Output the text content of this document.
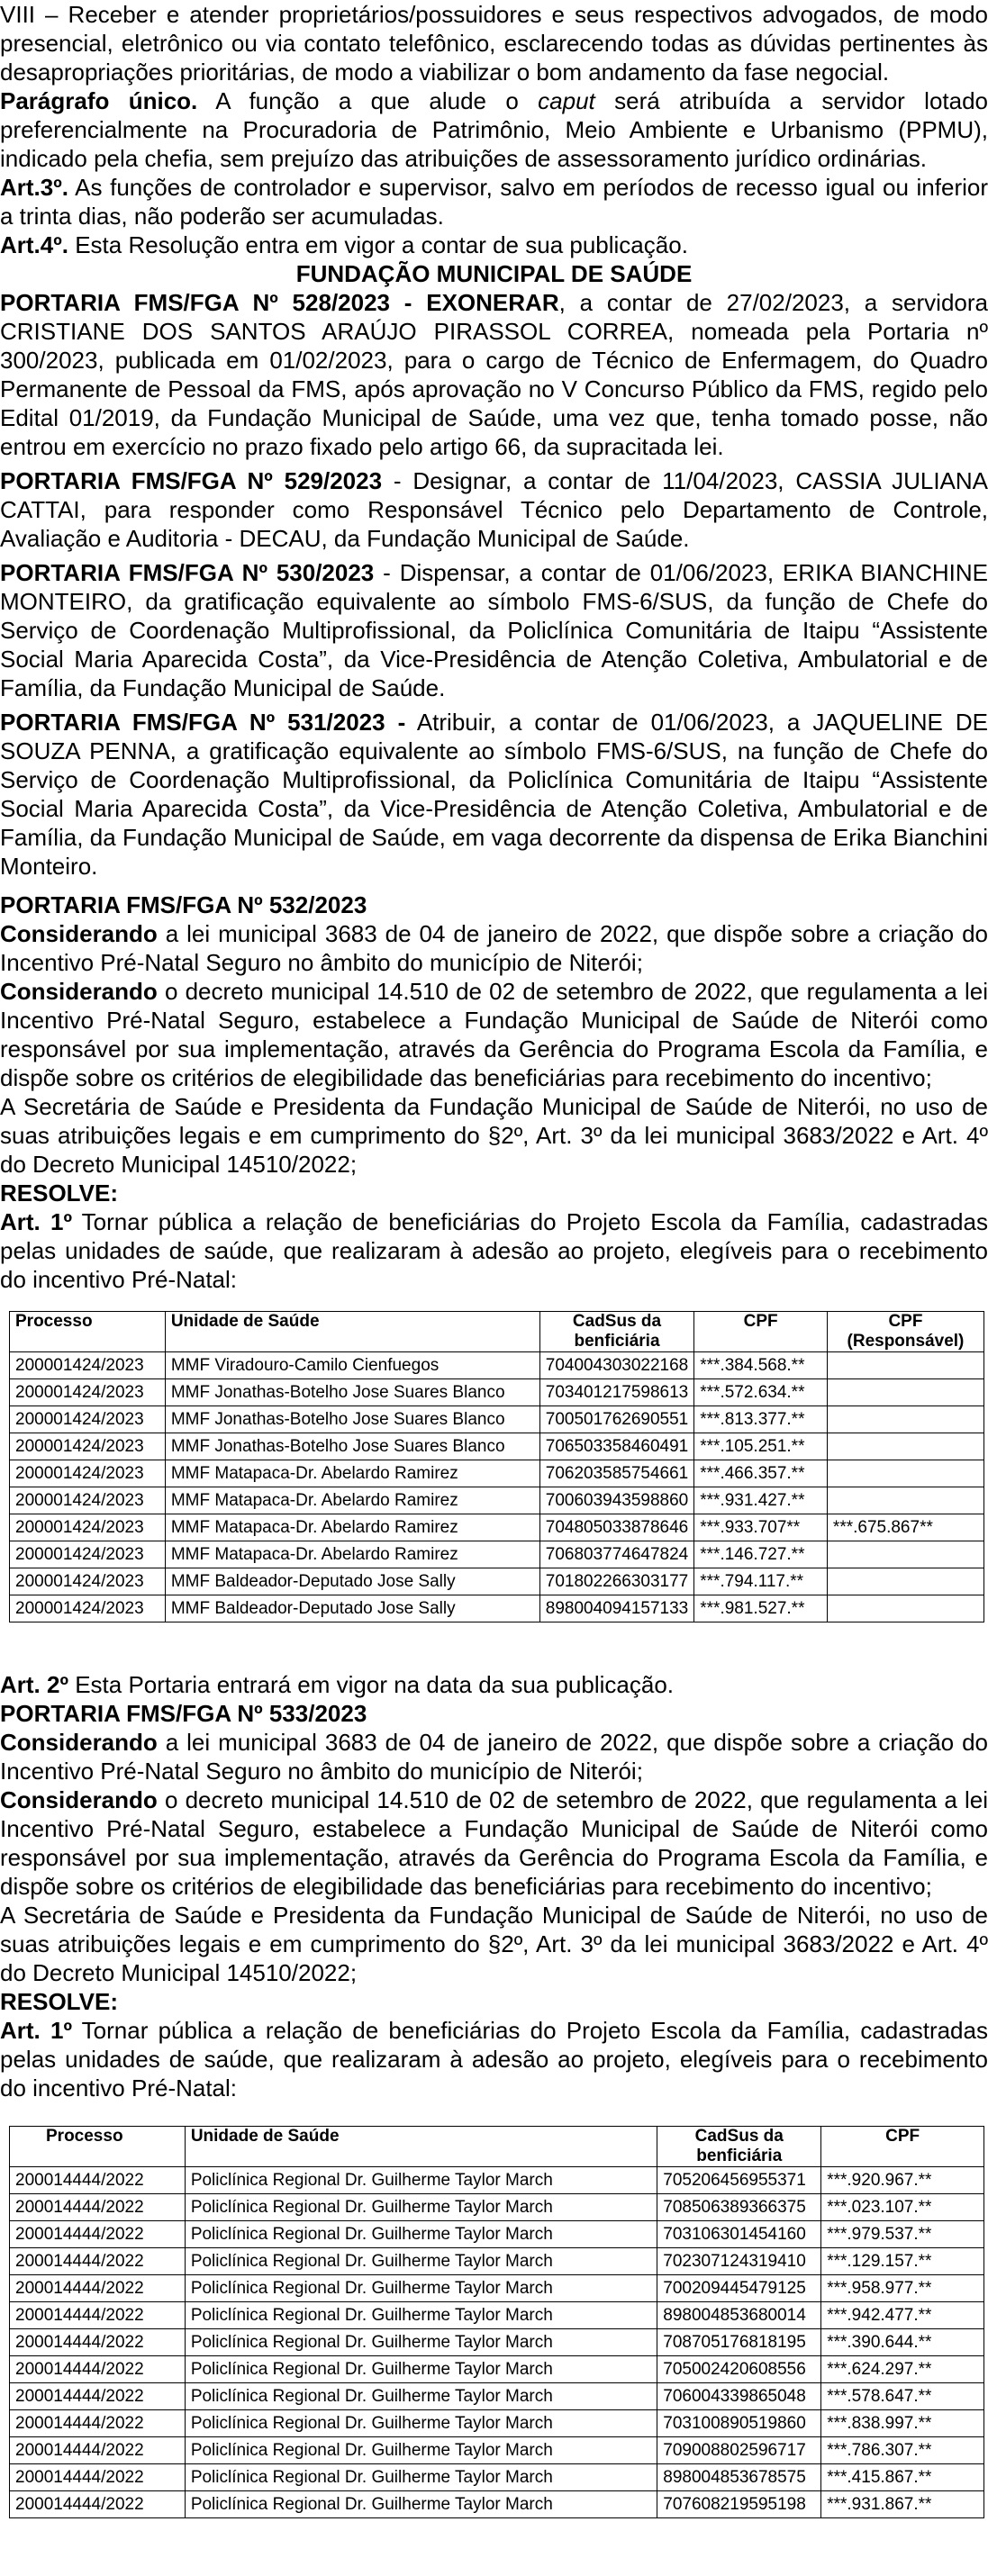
VIII – Receber e atender proprietários/possuidores e seus respectivos advogados, de modo presencial, eletrônico ou via contato telefônico, esclarecendo todas as dúvidas pertinentes às desapropriações prioritárias, de modo a viabilizar o bom andamento da fase negocial.

Parágrafo único. A função a que alude o caput será atribuída a servidor lotado preferencialmente na Procuradoria de Patrimônio, Meio Ambiente e Urbanismo (PPMU), indicado pela chefia, sem prejuízo das atribuições de assessoramento jurídico ordinárias.

Art.3º. As funções de controlador e supervisor, salvo em períodos de recesso igual ou inferior a trinta dias, não poderão ser acumuladas.

Art.4º. Esta Resolução entra em vigor a contar de sua publicação.

FUNDAÇÃO MUNICIPAL DE SAÚDE

PORTARIA FMS/FGA Nº 528/2023 - EXONERAR, a contar de 27/02/2023, a servidora CRISTIANE DOS SANTOS ARAÚJO PIRASSOL CORREA, nomeada pela Portaria nº 300/2023, publicada em 01/02/2023, para o cargo de Técnico de Enfermagem, do Quadro Permanente de Pessoal da FMS, após aprovação no V Concurso Público da FMS, regido pelo Edital 01/2019, da Fundação Municipal de Saúde, uma vez que, tenha tomado posse, não entrou em exercício no prazo fixado pelo artigo 66, da supracitada lei.

PORTARIA FMS/FGA Nº 529/2023 - Designar, a contar de 11/04/2023, CASSIA JULIANA CATTAI, para responder como Responsável Técnico pelo Departamento de Controle, Avaliação e Auditoria - DECAU, da Fundação Municipal de Saúde.

PORTARIA FMS/FGA Nº 530/2023 - Dispensar, a contar de 01/06/2023, ERIKA BIANCHINE MONTEIRO, da gratificação equivalente ao símbolo FMS-6/SUS, da função de Chefe do Serviço de Coordenação Multiprofissional, da Policlínica Comunitária de Itaipu “Assistente Social Maria Aparecida Costa”, da Vice-Presidência de Atenção Coletiva, Ambulatorial e de Família, da Fundação Municipal de Saúde.

PORTARIA FMS/FGA Nº 531/2023 - Atribuir, a contar de 01/06/2023, a JAQUELINE DE SOUZA PENNA, a gratificação equivalente ao símbolo FMS-6/SUS, na função de Chefe do Serviço de Coordenação Multiprofissional, da Policlínica Comunitária de Itaipu “Assistente Social Maria Aparecida Costa”, da Vice-Presidência de Atenção Coletiva, Ambulatorial e de Família, da Fundação Municipal de Saúde, em vaga decorrente da dispensa de Erika Bianchini Monteiro.

PORTARIA FMS/FGA Nº 532/2023

Considerando a lei municipal 3683 de 04 de janeiro de 2022, que dispõe sobre a criação do Incentivo Pré-Natal Seguro no âmbito do município de Niterói;

Considerando o decreto municipal 14.510 de 02 de setembro de 2022, que regulamenta a lei Incentivo Pré-Natal Seguro, estabelece a Fundação Municipal de Saúde de Niterói como responsável por sua implementação, através da Gerência do Programa Escola da Família, e dispõe sobre os critérios de elegibilidade das beneficiárias para recebimento do incentivo;

A Secretária de Saúde e Presidenta da Fundação Municipal de Saúde de Niterói, no uso de suas atribuições legais e em cumprimento do §2º, Art. 3º da lei municipal 3683/2022 e Art. 4º do Decreto Municipal 14510/2022;

RESOLVE:

Art. 1º Tornar pública a relação de beneficiárias do Projeto Escola da Família, cadastradas pelas unidades de saúde, que realizaram à adesão ao projeto, elegíveis para o recebimento do incentivo Pré-Natal:

Processo	Unidade de Saúde	CadSus da benficiária	CPF	CPF (Responsável)
200001424/2023	MMF Viradouro-Camilo Cienfuegos	704004303022168	***.384.568.**	
200001424/2023	MMF Jonathas-Botelho Jose Suares Blanco	703401217598613	***.572.634.**	
200001424/2023	MMF Jonathas-Botelho Jose Suares Blanco	700501762690551	***.813.377.**	
200001424/2023	MMF Jonathas-Botelho Jose Suares Blanco	706503358460491	***.105.251.**	
200001424/2023	MMF Matapaca-Dr. Abelardo Ramirez	706203585754661	***.466.357.**	
200001424/2023	MMF Matapaca-Dr. Abelardo Ramirez	700603943598860	***.931.427.**	
200001424/2023	MMF Matapaca-Dr. Abelardo Ramirez	704805033878646	***.933.707**	***.675.867**
200001424/2023	MMF Matapaca-Dr. Abelardo Ramirez	706803774647824	***.146.727.**	
200001424/2023	MMF Baldeador-Deputado Jose Sally	701802266303177	***.794.117.**	
200001424/2023	MMF Baldeador-Deputado Jose Sally	898004094157133	***.981.527.**	

Art. 2º Esta Portaria entrará em vigor na data da sua publicação.

PORTARIA FMS/FGA Nº 533/2023

Considerando a lei municipal 3683 de 04 de janeiro de 2022, que dispõe sobre a criação do Incentivo Pré-Natal Seguro no âmbito do município de Niterói;

Considerando o decreto municipal 14.510 de 02 de setembro de 2022, que regulamenta a lei Incentivo Pré-Natal Seguro, estabelece a Fundação Municipal de Saúde de Niterói como responsável por sua implementação, através da Gerência do Programa Escola da Família, e dispõe sobre os critérios de elegibilidade das beneficiárias para recebimento do incentivo;

A Secretária de Saúde e Presidenta da Fundação Municipal de Saúde de Niterói, no uso de suas atribuições legais e em cumprimento do §2º, Art. 3º da lei municipal 3683/2022 e Art. 4º do Decreto Municipal 14510/2022;

RESOLVE:

Art. 1º Tornar pública a relação de beneficiárias do Projeto Escola da Família, cadastradas pelas unidades de saúde, que realizaram à adesão ao projeto, elegíveis para o recebimento do incentivo Pré-Natal:

Processo	Unidade de Saúde	CadSus da benficiária	CPF
200014444/2022	Policlínica Regional Dr. Guilherme Taylor March	705206456955371	***.920.967.**
200014444/2022	Policlínica Regional Dr. Guilherme Taylor March	708506389366375	***.023.107.**
200014444/2022	Policlínica Regional Dr. Guilherme Taylor March	703106301454160	***.979.537.**
200014444/2022	Policlínica Regional Dr. Guilherme Taylor March	702307124319410	***.129.157.**
200014444/2022	Policlínica Regional Dr. Guilherme Taylor March	700209445479125	***.958.977.**
200014444/2022	Policlínica Regional Dr. Guilherme Taylor March	898004853680014	***.942.477.**
200014444/2022	Policlínica Regional Dr. Guilherme Taylor March	708705176818195	***.390.644.**
200014444/2022	Policlínica Regional Dr. Guilherme Taylor March	705002420608556	***.624.297.**
200014444/2022	Policlínica Regional Dr. Guilherme Taylor March	706004339865048	***.578.647.**
200014444/2022	Policlínica Regional Dr. Guilherme Taylor March	703100890519860	***.838.997.**
200014444/2022	Policlínica Regional Dr. Guilherme Taylor March	709008802596717	***.786.307.**
200014444/2022	Policlínica Regional Dr. Guilherme Taylor March	898004853678575	***.415.867.**
200014444/2022	Policlínica Regional Dr. Guilherme Taylor March	707608219595198	***.931.867.**
